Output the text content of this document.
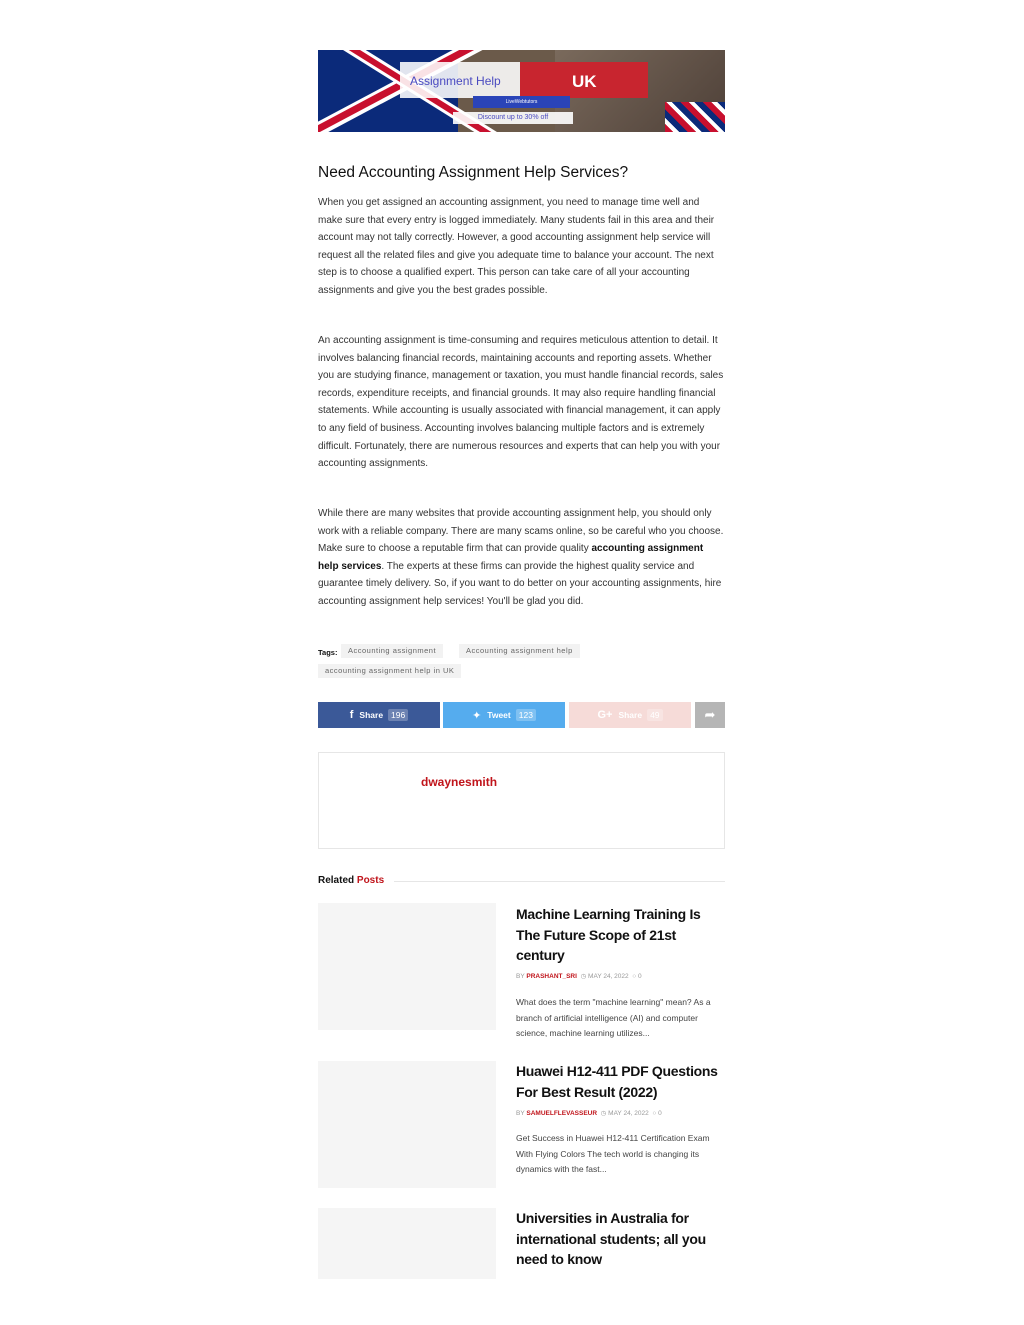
Assignment Help	UK
LiveWebtutors
Discount up to 30% off
Need Accounting Assignment Help Services?

When you get assigned an accounting assignment, you need to manage time well and make sure that every entry is logged immediately. Many students fail in this area and their account may not tally correctly. However, a good accounting assignment help service will request all the related files and give you adequate time to balance your account. The next step is to choose a qualified expert. This person can take care of all your accounting assignments and give you the best grades possible.

An accounting assignment is time-consuming and requires meticulous attention to detail. It involves balancing financial records, maintaining accounts and reporting assets. Whether you are studying finance, management or taxation, you must handle financial records, sales records, expenditure receipts, and financial grounds. It may also require handling financial statements. While accounting is usually associated with financial management, it can apply to any field of business. Accounting involves balancing multiple factors and is extremely difficult. Fortunately, there are numerous resources and experts that can help you with your accounting assignments.

While there are many websites that provide accounting assignment help, you should only work with a reliable company. There are many scams online, so be careful who you choose. Make sure to choose a reputable firm that can provide quality accounting assignment help services. The experts at these firms can provide the highest quality service and guarantee timely delivery. So, if you want to do better on your accounting assignments, hire accounting assignment help services! You'll be glad you did.

Tags:	Accounting assignment	Accounting assignment help
accounting assignment help in UK
f Share 196	✦ Tweet 123	G+ Share 49	➦
dwaynesmith
Related Posts
Machine Learning Training Is The Future Scope of 21st century
BY PRASHANT_SRI ◷ MAY 24, 2022 ○ 0
What does the term "machine learning" mean? As a branch of artificial intelligence (AI) and computer science, machine learning utilizes...
Huawei H12-411 PDF Questions For Best Result (2022)
BY SAMUELFLEVASSEUR ◷ MAY 24, 2022 ○ 0
Get Success in Huawei H12-411 Certification Exam With Flying Colors The tech world is changing its dynamics with the fast...
Universities in Australia for international students; all you need to know
